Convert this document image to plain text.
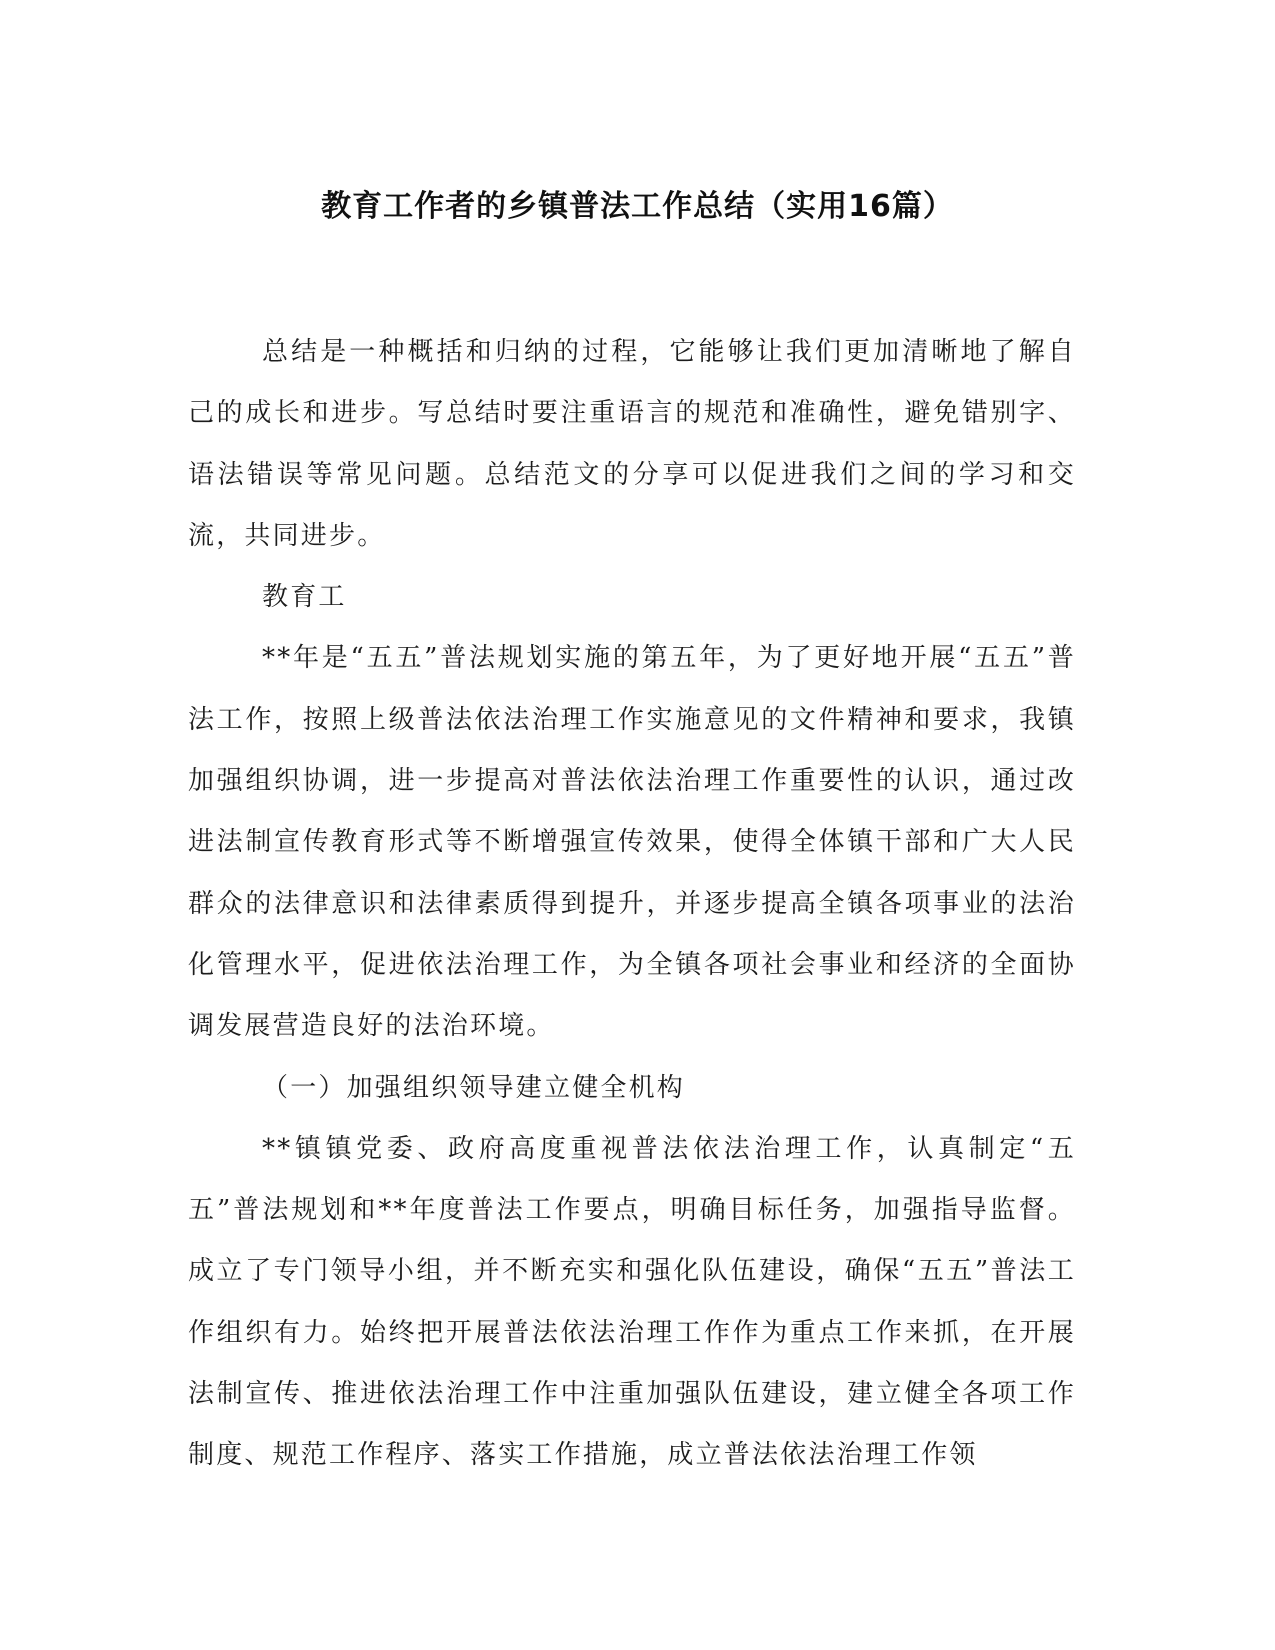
教育工作者的乡镇普法工作总结（实用16篇）

总结是一种概括和归纳的过程，它能够让我们更加清晰地了解自己的成长和进步。写总结时要注重语言的规范和准确性，避免错别字、语法错误等常见问题。总结范文的分享可以促进我们之间的学习和交流，共同进步。

教育工

**年是“五五”普法规划实施的第五年，为了更好地开展“五五”普法工作，按照上级普法依法治理工作实施意见的文件精神和要求，我镇加强组织协调，进一步提高对普法依法治理工作重要性的认识，通过改进法制宣传教育形式等不断增强宣传效果，使得全体镇干部和广大人民群众的法律意识和法律素质得到提升，并逐步提高全镇各项事业的法治化管理水平，促进依法治理工作，为全镇各项社会事业和经济的全面协调发展营造良好的法治环境。

（一）加强组织领导建立健全机构

**镇镇党委、政府高度重视普法依法治理工作，认真制定“五五”普法规划和**年度普法工作要点，明确目标任务，加强指导监督。成立了专门领导小组，并不断充实和强化队伍建设，确保“五五”普法工作组织有力。始终把开展普法依法治理工作作为重点工作来抓，在开展法制宣传、推进依法治理工作中注重加强队伍建设，建立健全各项工作制度、规范工作程序、落实工作措施，成立普法依法治理工作领
